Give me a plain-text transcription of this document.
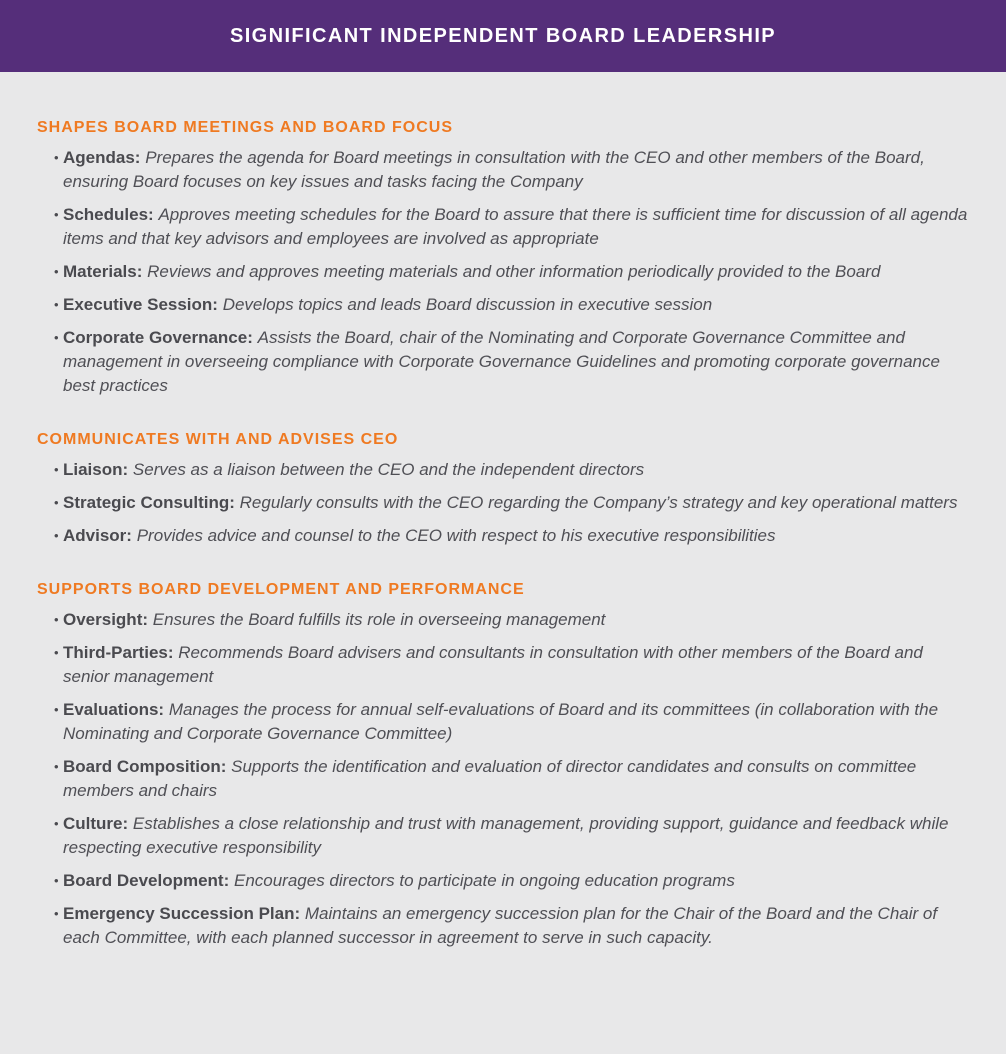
SIGNIFICANT INDEPENDENT BOARD LEADERSHIP
SHAPES BOARD MEETINGS AND BOARD FOCUS
• Agendas: Prepares the agenda for Board meetings in consultation with the CEO and other members of the Board, ensuring Board focuses on key issues and tasks facing the Company
• Schedules: Approves meeting schedules for the Board to assure that there is sufficient time for discussion of all agenda items and that key advisors and employees are involved as appropriate
• Materials: Reviews and approves meeting materials and other information periodically provided to the Board
• Executive Session: Develops topics and leads Board discussion in executive session
• Corporate Governance: Assists the Board, chair of the Nominating and Corporate Governance Committee and management in overseeing compliance with Corporate Governance Guidelines and promoting corporate governance best practices
COMMUNICATES WITH AND ADVISES CEO
• Liaison: Serves as a liaison between the CEO and the independent directors
• Strategic Consulting: Regularly consults with the CEO regarding the Company’s strategy and key operational matters
• Advisor: Provides advice and counsel to the CEO with respect to his executive responsibilities
SUPPORTS BOARD DEVELOPMENT AND PERFORMANCE
• Oversight: Ensures the Board fulfills its role in overseeing management
• Third-Parties: Recommends Board advisers and consultants in consultation with other members of the Board and senior management
• Evaluations: Manages the process for annual self-evaluations of Board and its committees (in collaboration with the Nominating and Corporate Governance Committee)
• Board Composition: Supports the identification and evaluation of director candidates and consults on committee members and chairs
• Culture: Establishes a close relationship and trust with management, providing support, guidance and feedback while respecting executive responsibility
• Board Development: Encourages directors to participate in ongoing education programs
• Emergency Succession Plan: Maintains an emergency succession plan for the Chair of the Board and the Chair of each Committee, with each planned successor in agreement to serve in such capacity.
